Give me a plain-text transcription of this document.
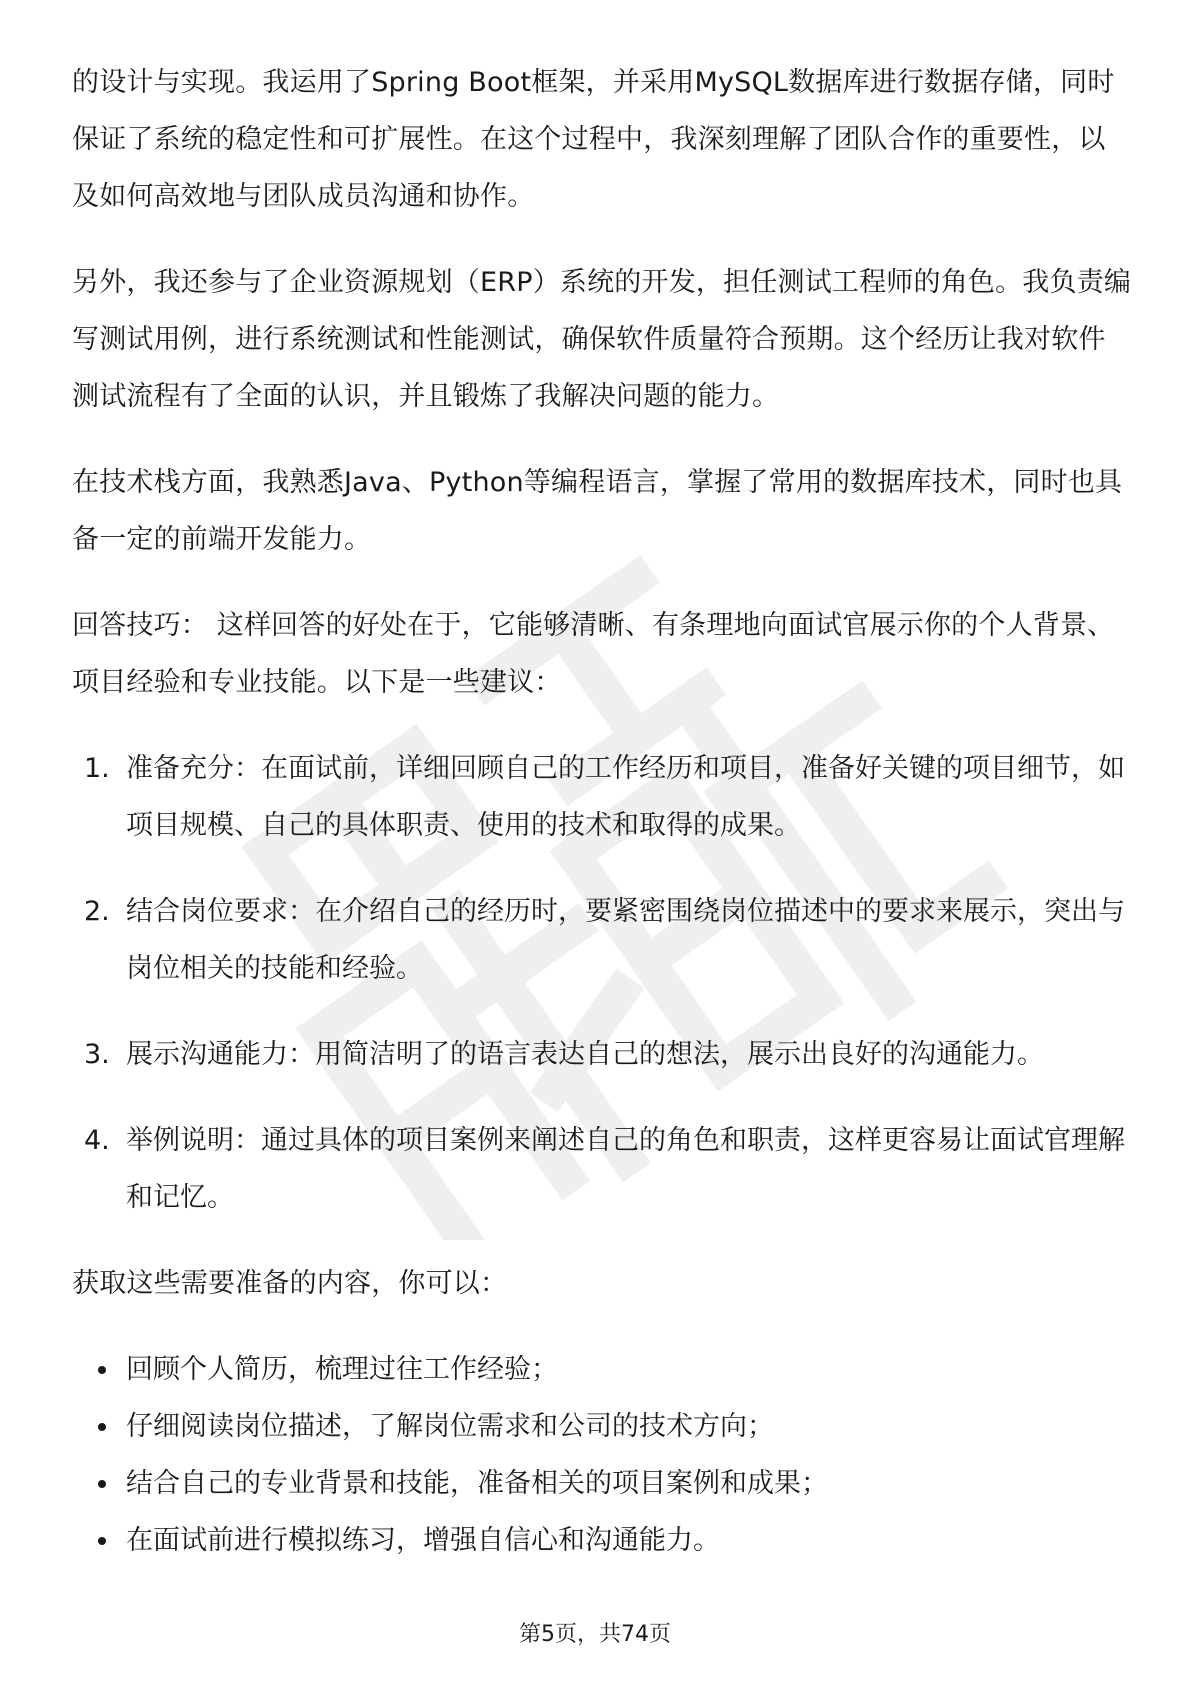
的设计与实现。我运用了Spring Boot框架，并采用MySQL数据库进行数据存储，同时保证了系统的稳定性和可扩展性。在这个过程中，我深刻理解了团队合作的重要性，以及如何高效地与团队成员沟通和协作。

另外，我还参与了企业资源规划（ERP）系统的开发，担任测试工程师的角色。我负责编写测试用例，进行系统测试和性能测试，确保软件质量符合预期。这个经历让我对软件测试流程有了全面的认识，并且锻炼了我解决问题的能力。

在技术栈方面，我熟悉Java、Python等编程语言，掌握了常用的数据库技术，同时也具备一定的前端开发能力。

回答技巧： 这样回答的好处在于，它能够清晰、有条理地向面试官展示你的个人背景、项目经验和专业技能。以下是一些建议：

1. 准备充分：在面试前，详细回顾自己的工作经历和项目，准备好关键的项目细节，如项目规模、自己的具体职责、使用的技术和取得的成果。
2. 结合岗位要求：在介绍自己的经历时，要紧密围绕岗位描述中的要求来展示，突出与岗位相关的技能和经验。
3. 展示沟通能力：用简洁明了的语言表达自己的想法，展示出良好的沟通能力。
4. 举例说明：通过具体的项目案例来阐述自己的角色和职责，这样更容易让面试官理解和记忆。

获取这些需要准备的内容，你可以：

回顾个人简历，梳理过往工作经验；
仔细阅读岗位描述，了解岗位需求和公司的技术方向；
结合自己的专业背景和技能，准备相关的项目案例和成果；
在面试前进行模拟练习，增强自信心和沟通能力。
第5页，共74页
